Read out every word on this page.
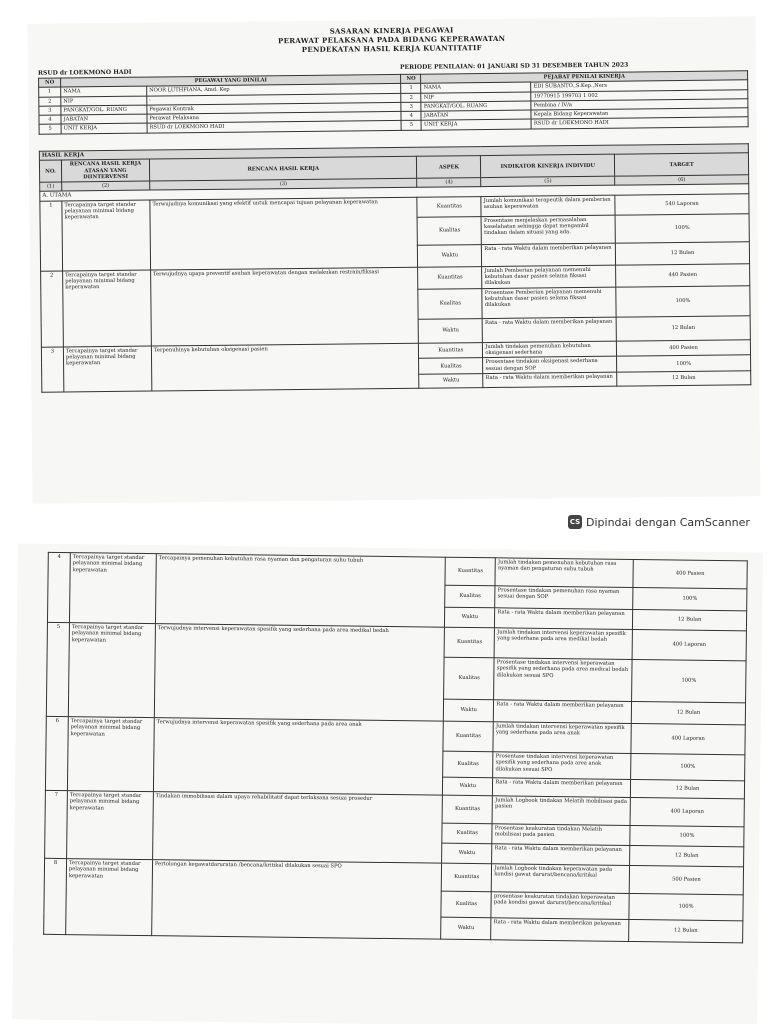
SASARAN KINERJA PEGAWAI
PERAWAT PELAKSANA PADA BIDANG KEPERAWATAN
PENDEKATAN HASIL KERJA KUANTITATIF
RSUD dr LOEKMONO HADI
PERIODE PENILAIAN: 01 JANUARI SD 31 DESEMBER TAHUN 2023
NO	PEGAWAI YANG DINILAI		NO	PEJABAT PENILAI KINERJA	
1	NAMA	NOOR LUTHFIANA, Amd. Kep	1	NAMA	EDI SUBANTO.,S.Kep.,Ners
2	NIP	-	2	NIP	19770915 199703 1 002
3	PANGKAT/GOL. RUANG	Pegawai Kontrak	3	PANGKAT/GOL. RUANG	Pembina / IV/a
4	JABATAN	Perawat Pelaksana	4	JABATAN	Kepala Bidang Keperawatan
5	UNIT KERJA	RSUD dr LOEKMONO HADI	5	UNIT KERJA	RSUD dr LOEKMONO HADI
HASIL KERJA					
NO.	RENCANA HASIL KERJA ATASAN YANG DIINTERVENSI	RENCANA HASIL KERJA	ASPEK	INDIKATOR KINERJA INDIVIDU	TARGET
(1)	(2)	(3)	(4)	(5)	(6)
A. UTAMA					
1	Tercapainya target standar pelayanan minimal bidang keperawatan	Terwujudnya komunikasi yang efektif untuk mencapai tujuan pelayanan keperawatan	Kuantitas	Jumlah komunikasi terapeutik dalam pemberian asuhan keperawatan	540 Laporan
			Kualitas	Prosentase menjelaskan permasalahan keselahatan sehingga dapat mengambil tindakan dalam situasi yang ada.	100%
			Waktu	Rata - rata Waktu dalam memberikan pelayanan	12 Bulan
2	Tercapainya target standar pelayanan minimal bidang keperawatan	Terwujudnya upaya preventif asuhan keperawatan dengan melakukan restrain/fiksasi	Kuantitas	Jumlah Pemberian pelayanan memenuhi kebutuhan dasar pasien selama fiksasi dilakukan	440 Pasien
			Kualitas	Prosentase Pemberian pelayanan memenuhi kebutuhan dasar pasien selama fiksasi dilakukan	100%
			Waktu	Rata - rata Waktu dalam memberikan pelayanan	12 Bulan
3	Tercapainya target standar pelayanan minimal bidang keperawatan	Terpenuhinya kebutuhan oksigenasi pasien	Kuantitas	Jumlah tindakan pemenuhan kebutuhan oksigenasi sederhana	400 Pasien
			Kualitas	Prosentase tindakan oksigenasi sederhana sesuai dengan SOP	100%
			Waktu	Rata - rata Waktu dalam memberikan pelayanan	12 Bulan
CS Dipindai dengan CamScanner
4	Tercapainya target standar pelayanan minimal bidang keperawatan	Tercapainya pemenuhan kebutuhan rasa nyaman dan pengaturan suhu tubuh	Kuantitas	Jumlah tindakan pemenuhan kebutuhan rasa nyaman dan pengaturan suhu tubuh	400 Pasien
			Kualitas	Prosentase tindakan pemenuhan rasa nyaman sesuai dengan SOP	100%
			Waktu	Rata - rata Waktu dalam memberikan pelayanan	12 Bulan
5	Tercapainya target standar pelayanan minimal bidang keperawatan	Terwujudnya intervensi keperawatan spesifik yang sederhana pada area medikal bedah	Kuantitas	Jumlah tindakan intervensi keperawatan spesifik yang sederhana pada area medikal bedah	400 Laporan
			Kualitas	Prosentase tindakan intervensi keperawatan spesifik yang sederhana pada area medical bedah dilakukan sesuai SPO	100%
			Waktu	Rata - rata Waktu dalam memberikan pelayanan	12 Bulan
6	Tercapainya target standar pelayanan minimal bidang keperawatan	Terwujudnya intervensi keperawatan spesifik yang sederhana pada area anak	Kuantitas	Jumlah tindakan intervensi keperawatan spesifik yang sederhana pada area anak	400 Laporan
			Kualitas	Prosentase tindakan intervensi keperawatan spesifik yang sederhana pada area anak dilakukan sesuai SPO	100%
			Waktu	Rata - rata Waktu dalam memberikan pelayanan	12 Bulan
7	Tercapainya target standar pelayanan minimal bidang keperawatan	Tindakan immobilisasi dalam upaya rehabilitatif dapat terlaksana sesuai prosedur	Kuantitas	Jumlah Logbook tindakan Melatih mobilisasi pada pasien	400 Laporan
			Kualitas	Prosentase keakuratan tindakan Melatih mobilisasi pada pasien	100%
			Waktu	Rata - rata Waktu dalam memberikan pelayanan	12 Bulan
8	Tercapainya target standar pelayanan minimal bidang keperawatan	Pertolongan kegawatdaruratan /bencana/kritikal dilakukan sesuai SPO	Kuantitas	Jumlah Logbook tindakan keperawatan pada kondisi gawat darurat/bencana/kritikal	500 Pasien
			Kualitas	prosentase keakuratan tindakan keperawatan pada kondisi gawat darurat/bencana/kritikal	100%
			Waktu	Rata - rata Waktu dalam memberikan pelayanan	12 Bulan
